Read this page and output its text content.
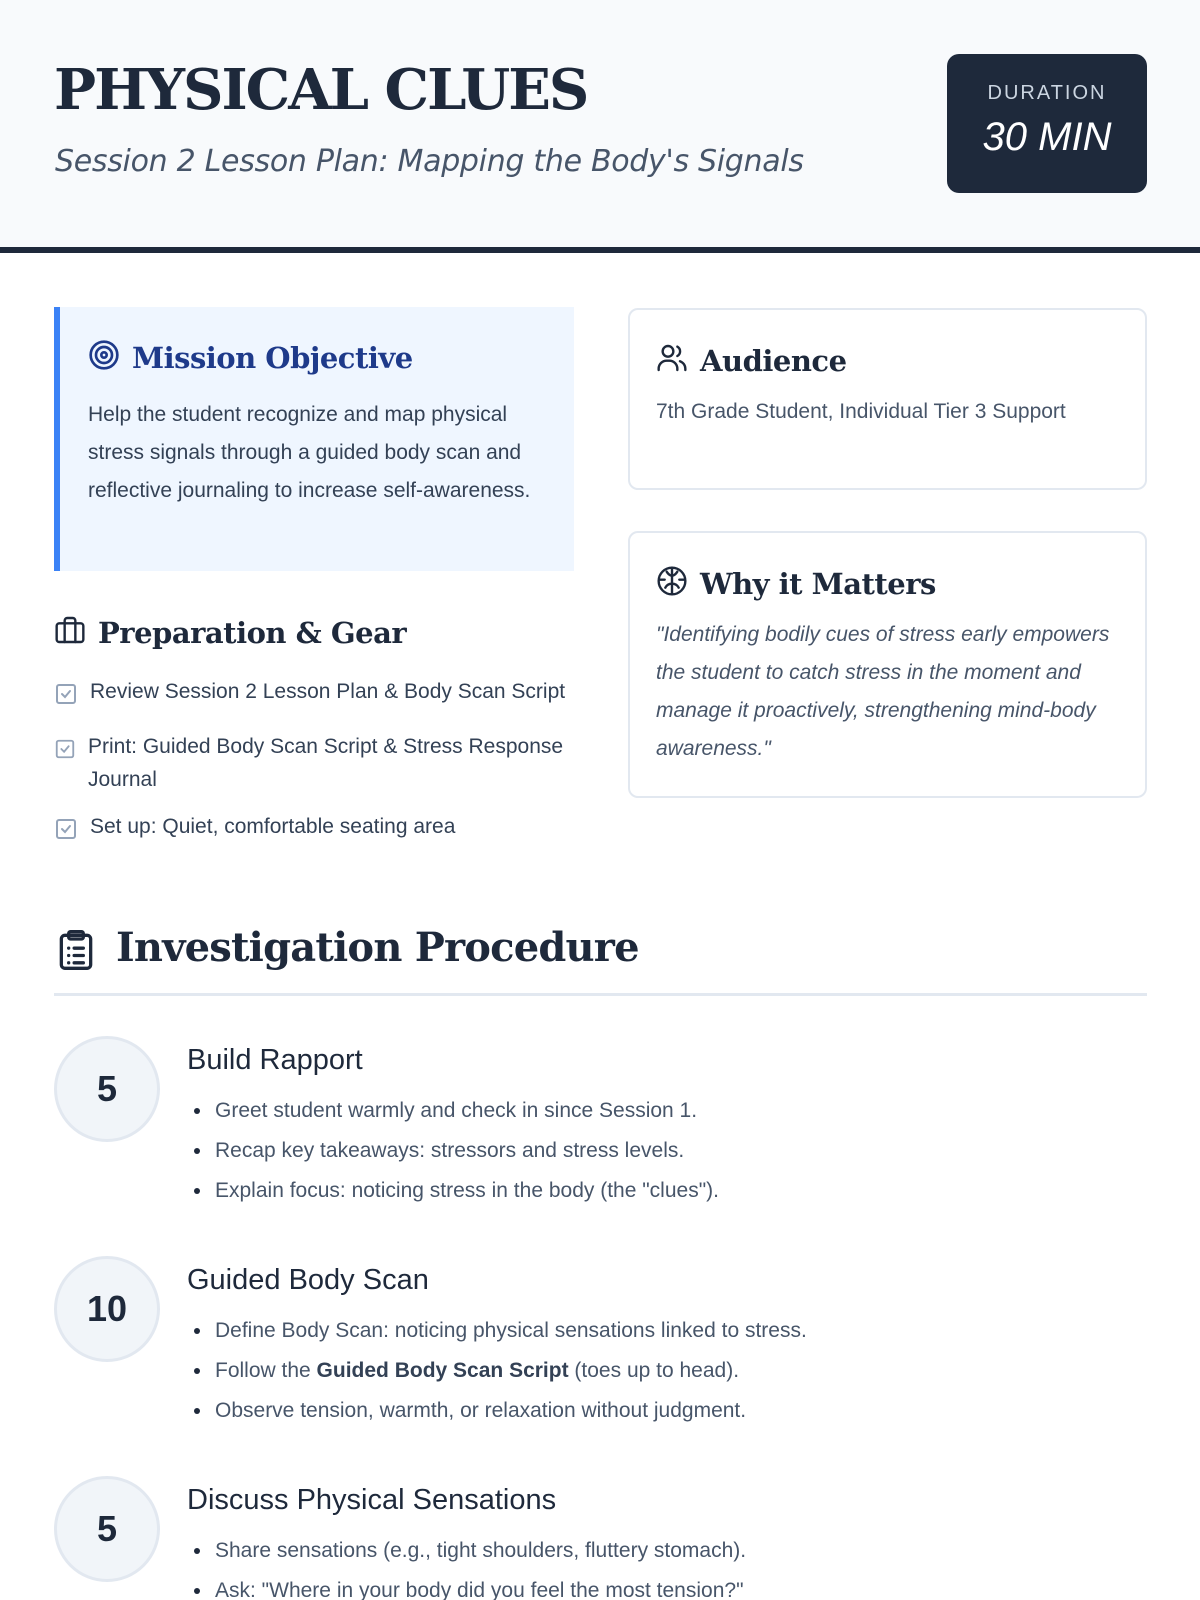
PHYSICAL CLUES
Session 2 Lesson Plan: Mapping the Body's Signals
DURATION
30 MIN
Mission Objective

Help the student recognize and map physical stress signals through a guided body scan and reflective journaling to increase self-awareness.

Audience

7th Grade Student, Individual Tier 3 Support

Why it Matters

"Identifying bodily cues of stress early empowers the student to catch stress in the moment and manage it proactively, strengthening mind-body awareness."

Preparation & Gear
Review Session 2 Lesson Plan & Body Scan Script
Print: Guided Body Scan Script & Stress Response Journal
Set up: Quiet, comfortable seating area
Investigation Procedure
5
Build Rapport
• Greet student warmly and check in since Session 1.
• Recap key takeaways: stressors and stress levels.
• Explain focus: noticing stress in the body (the "clues").
10
Guided Body Scan
• Define Body Scan: noticing physical sensations linked to stress.
• Follow the Guided Body Scan Script (toes up to head).
• Observe tension, warmth, or relaxation without judgment.
5
Discuss Physical Sensations
• Share sensations (e.g., tight shoulders, fluttery stomach).
• Ask: "Where in your body did you feel the most tension?"
